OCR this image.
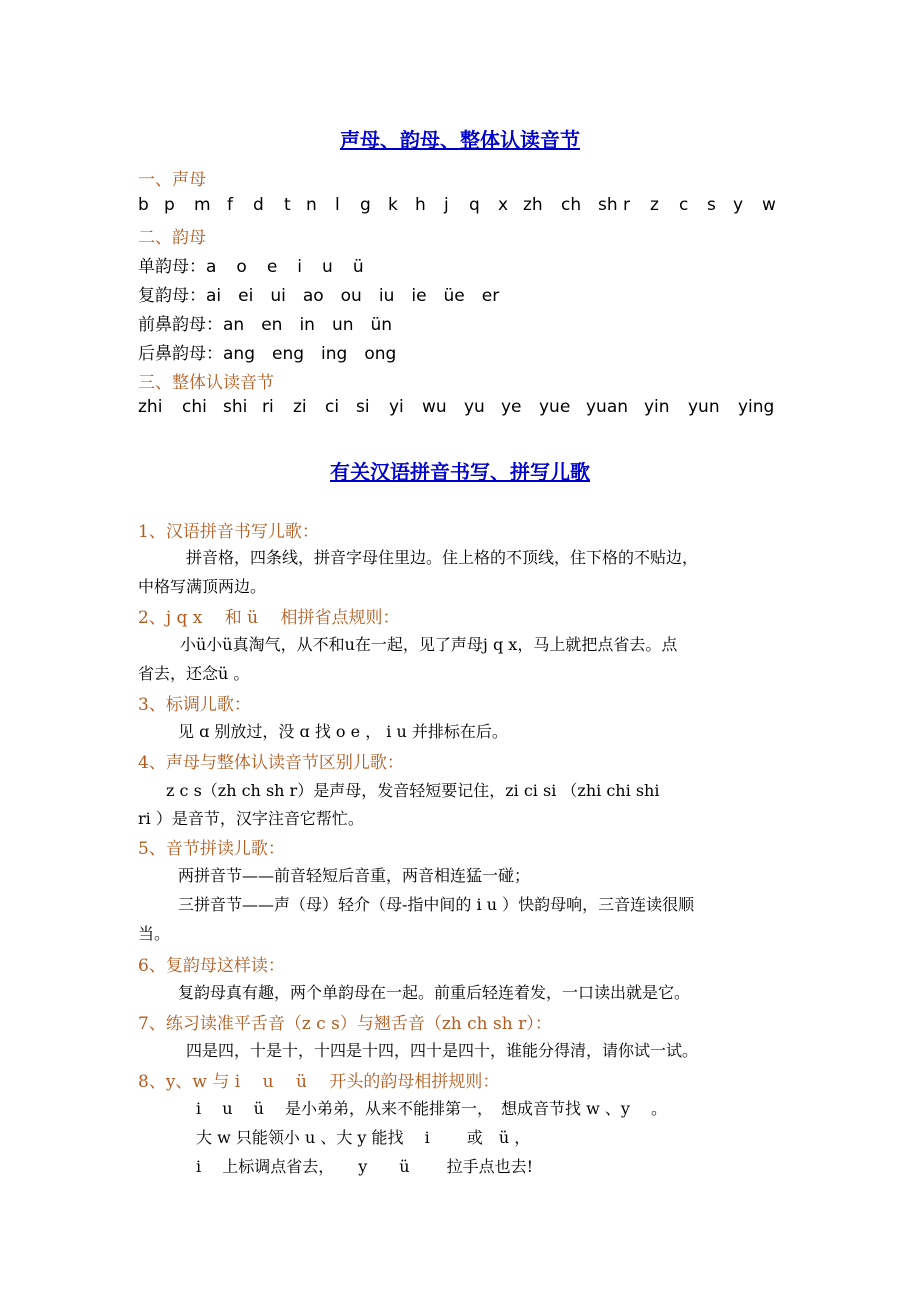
声母、韵母、整体认读音节
一、声母
b p m f d t n l g k h j q x zh ch sh r z c s y w
二、韵母
单韵母：a o e i u ü
复韵母：ai ei ui ao ou iu ie üe er
前鼻韵母：an en in un ün
后鼻韵母：ang eng ing ong
三、整体认读音节
zhi chi shi ri zi ci si yi wu yu ye yue yuan yin yun ying
有关汉语拼音书写、拼写儿歌
1、汉语拼音书写儿歌：
拼音格，四条线，拼音字母住里边。住上格的不顶线，住下格的不贴边，
中格写满顶两边。
2、j q x　 和 ü　 相拼省点规则：
小ü小ü真淘气，从不和u在一起，见了声母j q x，马上就把点省去。点
省去，还念ü 。
3、标调儿歌：
见 ɑ 别放过，没 ɑ 找 o e ， i u 并排标在后。
4、声母与整体认读音节区别儿歌：
z c s（zh ch sh r）是声母，发音轻短要记住，zi ci si （zhi chi shi
ri ）是音节，汉字注音它帮忙。
5、音节拼读儿歌：
两拼音节——前音轻短后音重，两音相连猛一碰；
三拼音节——声（母）轻介（母-指中间的 i u ）快韵母响，三音连读很顺
当。
6、复韵母这样读：
复韵母真有趣，两个单韵母在一起。前重后轻连着发，一口读出就是它。
7、练习读准平舌音（z c s）与翘舌音（zh ch sh r）：
四是四，十是十，十四是十四，四十是四十，谁能分得清，请你试一试。
8、y、w 与 i　 u　 ü　 开头的韵母相拼规则：
i　 u　 ü　 是小弟弟，从来不能排第一，　想成音节找 w 、y　 。
大 w 只能领小 u 、大 y 能找　 i　　 或　ü ，
i　 上标调点省去，　　y　　ü　　 拉手点也去!
